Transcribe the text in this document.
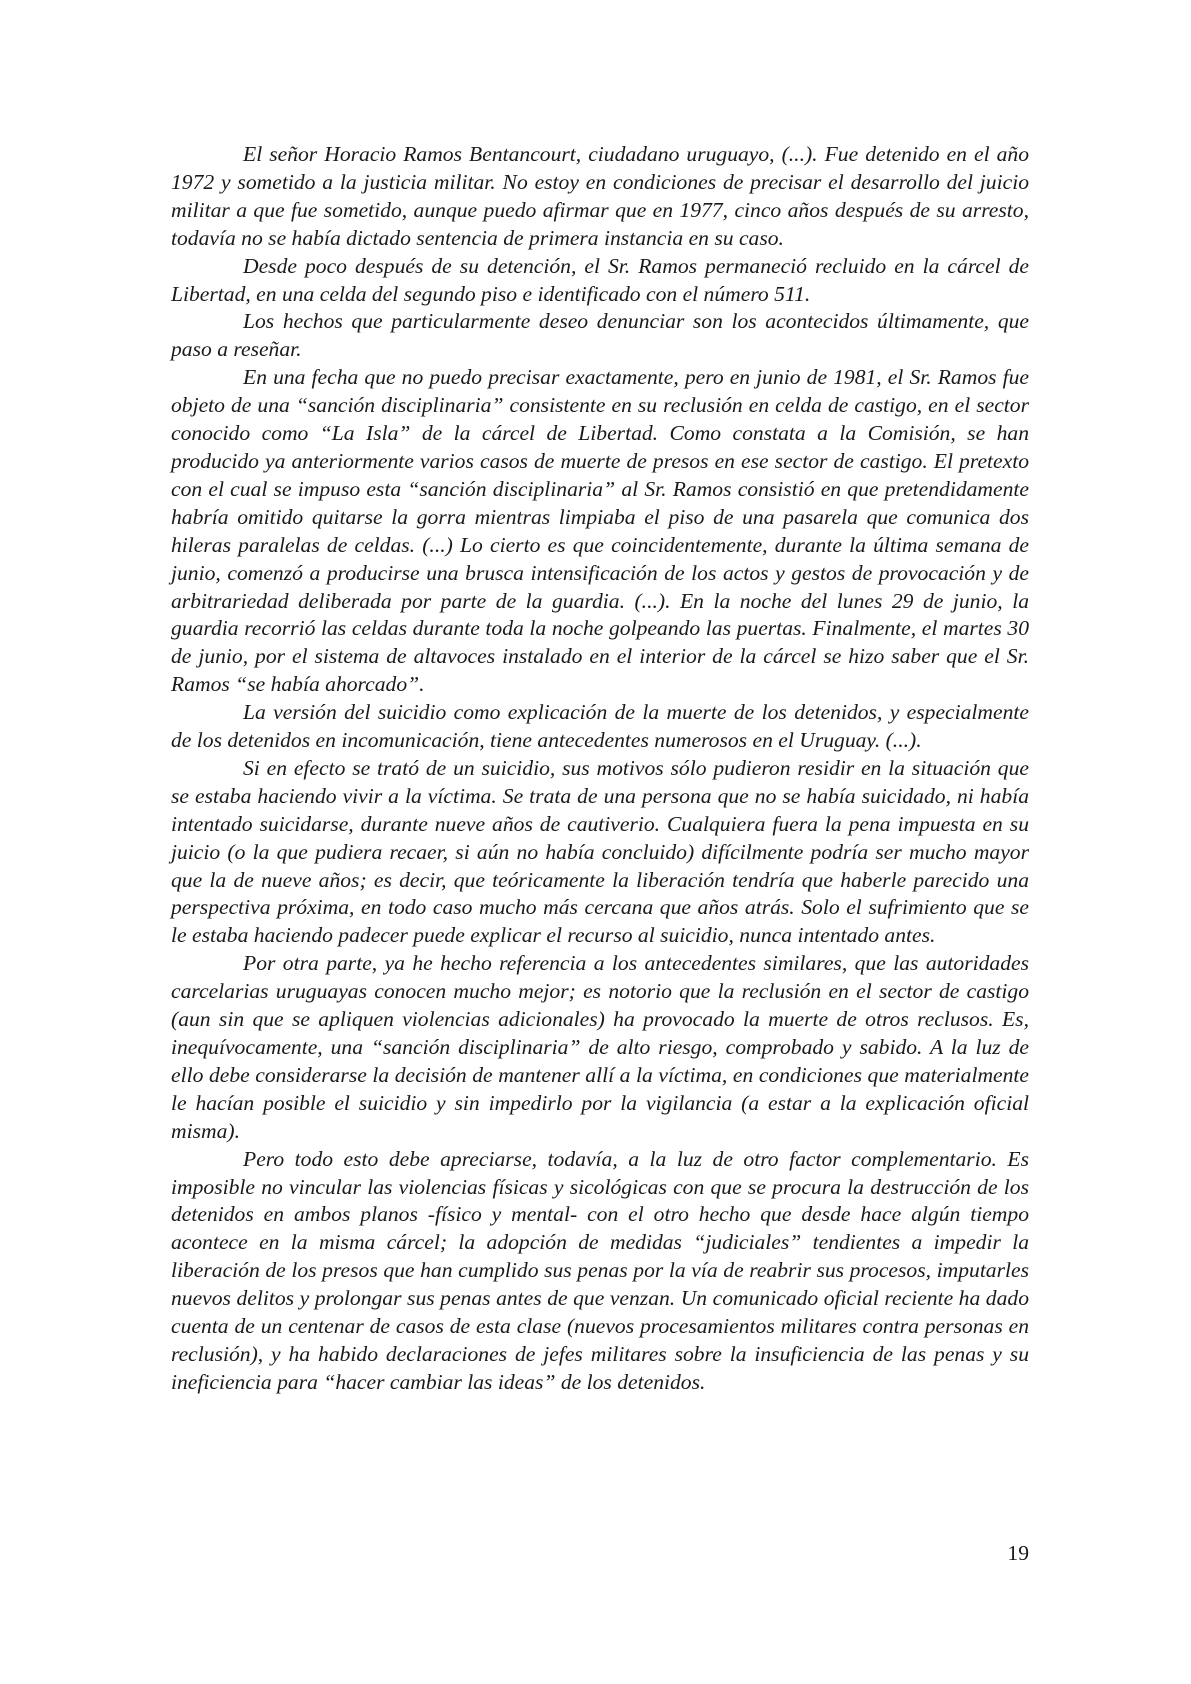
El señor Horacio Ramos Bentancourt, ciudadano uruguayo, (...). Fue detenido en el año 1972 y sometido a la justicia militar. No estoy en condiciones de precisar el desarrollo del juicio militar a que fue sometido, aunque puedo afirmar que en 1977, cinco años después de su arresto, todavía no se había dictado sentencia de primera instancia en su caso.

Desde poco después de su detención, el Sr. Ramos permaneció recluido en la cárcel de Libertad, en una celda del segundo piso e identificado con el número 511.

Los hechos que particularmente deseo denunciar son los acontecidos últimamente, que paso a reseñar.

En una fecha que no puedo precisar exactamente, pero en junio de 1981, el Sr. Ramos fue objeto de una “sanción disciplinaria” consistente en su reclusión en celda de castigo, en el sector conocido como “La Isla” de la cárcel de Libertad. Como constata a la Comisión, se han producido ya anteriormente varios casos de muerte de presos en ese sector de castigo. El pretexto con el cual se impuso esta “sanción disciplinaria” al Sr. Ramos consistió en que pretendidamente habría omitido quitarse la gorra mientras limpiaba el piso de una pasarela que comunica dos hileras paralelas de celdas. (...) Lo cierto es que coincidentemente, durante la última semana de junio, comenzó a producirse una brusca intensificación de los actos y gestos de provocación y de arbitrariedad deliberada por parte de la guardia. (...). En la noche del lunes 29 de junio, la guardia recorrió las celdas durante toda la noche golpeando las puertas. Finalmente, el martes 30 de junio, por el sistema de altavoces instalado en el interior de la cárcel se hizo saber que el Sr. Ramos “se había ahorcado”.

La versión del suicidio como explicación de la muerte de los detenidos, y especialmente de los detenidos en incomunicación, tiene antecedentes numerosos en el Uruguay. (...).

Si en efecto se trató de un suicidio, sus motivos sólo pudieron residir en la situación que se estaba haciendo vivir a la víctima. Se trata de una persona que no se había suicidado, ni había intentado suicidarse, durante nueve años de cautiverio. Cualquiera fuera la pena impuesta en su juicio (o la que pudiera recaer, si aún no había concluido) difícilmente podría ser mucho mayor que la de nueve años; es decir, que teóricamente la liberación tendría que haberle parecido una perspectiva próxima, en todo caso mucho más cercana que años atrás. Solo el sufrimiento que se le estaba haciendo padecer puede explicar el recurso al suicidio, nunca intentado antes.

Por otra parte, ya he hecho referencia a los antecedentes similares, que las autoridades carcelarias uruguayas conocen mucho mejor; es notorio que la reclusión en el sector de castigo (aun sin que se apliquen violencias adicionales) ha provocado la muerte de otros reclusos. Es, inequívocamente, una “sanción disciplinaria” de alto riesgo, comprobado y sabido. A la luz de ello debe considerarse la decisión de mantener allí a la víctima, en condiciones que materialmente le hacían posible el suicidio y sin impedirlo por la vigilancia (a estar a la explicación oficial misma).

Pero todo esto debe apreciarse, todavía, a la luz de otro factor complementario. Es imposible no vincular las violencias físicas y sicológicas con que se procura la destrucción de los detenidos en ambos planos -físico y mental- con el otro hecho que desde hace algún tiempo acontece en la misma cárcel; la adopción de medidas “judiciales” tendientes a impedir la liberación de los presos que han cumplido sus penas por la vía de reabrir sus procesos, imputarles nuevos delitos y prolongar sus penas antes de que venzan. Un comunicado oficial reciente ha dado cuenta de un centenar de casos de esta clase (nuevos procesamientos militares contra personas en reclusión), y ha habido declaraciones de jefes militares sobre la insuficiencia de las penas y su ineficiencia para “hacer cambiar las ideas” de los detenidos.

19
